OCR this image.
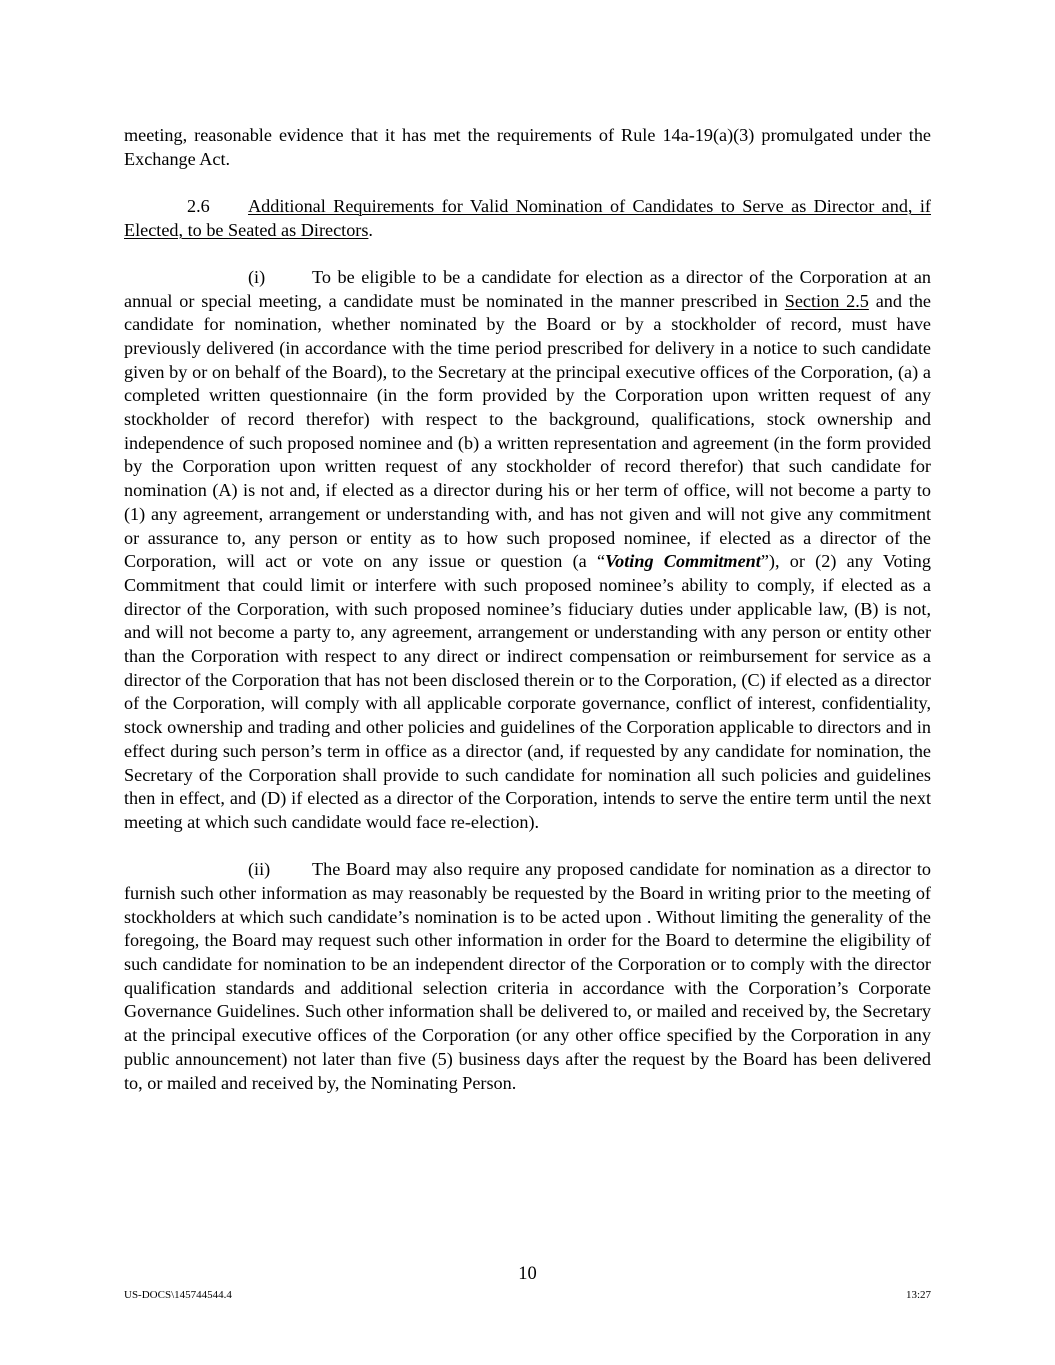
meeting, reasonable evidence that it has met the requirements of Rule 14a-19(a)(3) promulgated under the Exchange Act.

2.6 Additional Requirements for Valid Nomination of Candidates to Serve as Director and, if Elected, to be Seated as Directors.

(i)	To be eligible to be a candidate for election as a director of the Corporation at an annual or special meeting, a candidate must be nominated in the manner prescribed in Section 2.5 and the candidate for nomination, whether nominated by the Board or by a stockholder of record, must have previously delivered (in accordance with the time period prescribed for delivery in a notice to such candidate given by or on behalf of the Board), to the Secretary at the principal executive offices of the Corporation, (a) a completed written questionnaire (in the form provided by the Corporation upon written request of any stockholder of record therefor) with respect to the background, qualifications, stock ownership and independence of such proposed nominee and (b) a written representation and agreement (in the form provided by the Corporation upon written request of any stockholder of record therefor) that such candidate for nomination (A) is not and, if elected as a director during his or her term of office, will not become a party to (1) any agreement, arrangement or understanding with, and has not given and will not give any commitment or assurance to, any person or entity as to how such proposed nominee, if elected as a director of the Corporation, will act or vote on any issue or question (a “Voting Commitment”), or (2) any Voting Commitment that could limit or interfere with such proposed nominee’s ability to comply, if elected as a director of the Corporation, with such proposed nominee’s fiduciary duties under applicable law, (B) is not, and will not become a party to, any agreement, arrangement or understanding with any person or entity other than the Corporation with respect to any direct or indirect compensation or reimbursement for service as a director of the Corporation that has not been disclosed therein or to the Corporation, (C) if elected as a director of the Corporation, will comply with all applicable corporate governance, conflict of interest, confidentiality, stock ownership and trading and other policies and guidelines of the Corporation applicable to directors and in effect during such person’s term in office as a director (and, if requested by any candidate for nomination, the Secretary of the Corporation shall provide to such candidate for nomination all such policies and guidelines then in effect, and (D) if elected as a director of the Corporation, intends to serve the entire term until the next meeting at which such candidate would face re-election).

(ii) The Board may also require any proposed candidate for nomination as a director to furnish such other information as may reasonably be requested by the Board in writing prior to the meeting of stockholders at which such candidate’s nomination is to be acted upon . Without limiting the generality of the foregoing, the Board may request such other information in order for the Board to determine the eligibility of such candidate for nomination to be an independent director of the Corporation or to comply with the director qualification standards and additional selection criteria in accordance with the Corporation’s Corporate Governance Guidelines. Such other information shall be delivered to, or mailed and received by, the Secretary at the principal executive offices of the Corporation (or any other office specified by the Corporation in any public announcement) not later than five (5) business days after the request by the Board has been delivered to, or mailed and received by, the Nominating Person.

10
US-DOCS\145744544.4	13:27
